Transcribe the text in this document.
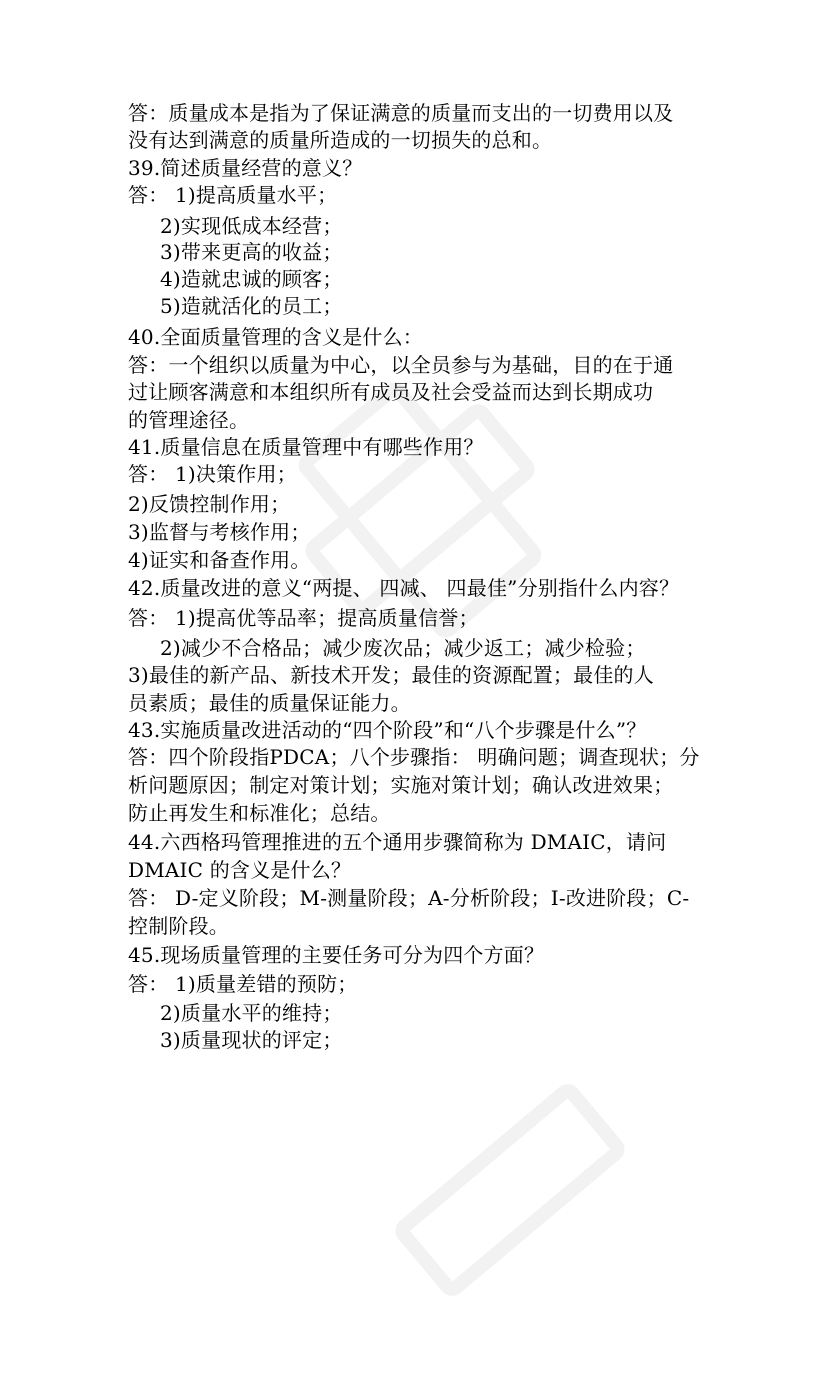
答：质量成本是指为了保证满意的质量而支出的一切费用以及
没有达到满意的质量所造成的一切损失的总和。
39.简述质量经营的意义？
答： 1)提高质量水平；
2)实现低成本经营；
3)带来更高的收益；
4)造就忠诚的顾客；
5)造就活化的员工；
40.全面质量管理的含义是什么：
答：一个组织以质量为中心，以全员参与为基础，目的在于通
过让顾客满意和本组织所有成员及社会受益而达到长期成功
的管理途径。
41.质量信息在质量管理中有哪些作用？
答： 1)决策作用；
2)反馈控制作用；
3)监督与考核作用；
4)证实和备查作用。
42.质量改进的意义“两提、 四减、 四最佳”分别指什么内容？
答： 1)提高优等品率；提高质量信誉；
2)减少不合格品；减少废次品；减少返工；减少检验；
3)最佳的新产品、新技术开发；最佳的资源配置；最佳的人
员素质；最佳的质量保证能力。
43.实施质量改进活动的“四个阶段”和“八个步骤是什么”？
答：四个阶段指PDCA；八个步骤指： 明确问题；调查现状；分
析问题原因；制定对策计划；实施对策计划；确认改进效果；
防止再发生和标准化；总结。
44.六西格玛管理推进的五个通用步骤简称为 DMAIC，请问
DMAIC 的含义是什么？
答： D-定义阶段；M-测量阶段；A-分析阶段；I-改进阶段；C-
控制阶段。
45.现场质量管理的主要任务可分为四个方面？
答： 1)质量差错的预防；
2)质量水平的维持；
3)质量现状的评定；
